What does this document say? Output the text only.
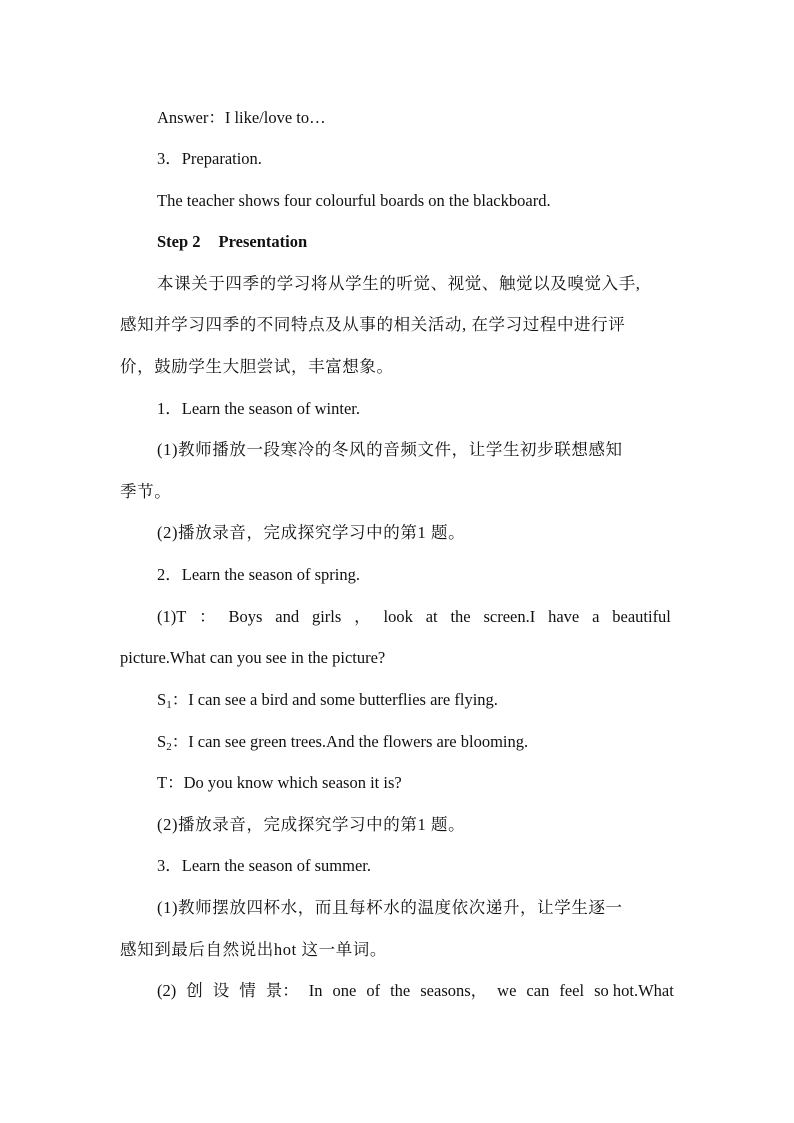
Answer：I like/love to…
3．Preparation.
The teacher shows four colourful boards on the blackboard.
Step 2 Presentation
本课关于四季的学习将从学生的听觉、视觉、触觉以及嗅觉入手,
感知并学习四季的不同特点及从事的相关活动, 在学习过程中进行评
价，鼓励学生大胆尝试，丰富想象。
1．Learn the season of winter.
(1)教师播放一段寒冷的冬风的音频文件，让学生初步联想感知
季节。
(2)播放录音，完成探究学习中的第1 题。
2．Learn the season of spring.
(1)T ： Boys and girls ， look at the screen.I have a beautiful
picture.What can you see in the picture?
$S_1$：I can see a bird and some butterflies are flying.
$S_2$：I can see green trees.And the flowers are blooming.
T：Do you know which season it is?
(2)播放录音，完成探究学习中的第1 题。
3．Learn the season of summer.
(1)教师摆放四杯水，而且每杯水的温度依次递升，让学生逐一
感知到最后自然说出hot 这一单词。
(2) 创 设 情 景： In one of the seasons， we can feel so hot.What
